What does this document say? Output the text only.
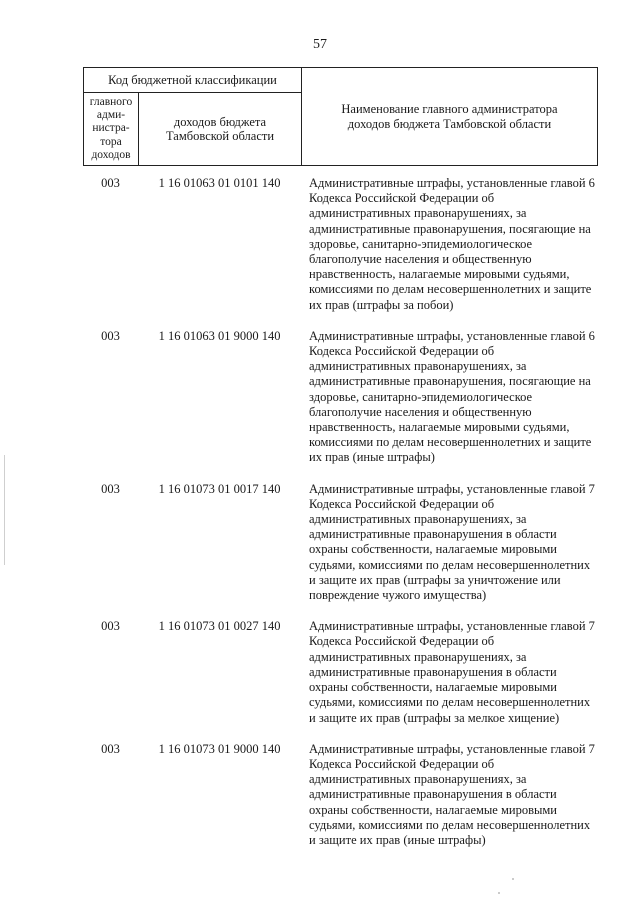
57
Код бюджетной классификации		Наименование главного администратора доходов бюджета Тамбовской области
главного адми-нистра-тора доходов	доходов бюджета Тамбовской области	
003	1 16 01063 01 0101 140	Административные штрафы, установленные главой 6 Кодекса Российской Федерации об административных правонарушениях, за административные правонарушения, посягающие на здоровье, санитарно-эпидемиологическое благополучие населения и общественную нравственность, налагаемые мировыми судьями, комиссиями по делам несовершеннолетних и защите их прав (штрафы за побои)
003	1 16 01063 01 9000 140	Административные штрафы, установленные главой 6 Кодекса Российской Федерации об административных правонарушениях, за административные правонарушения, посягающие на здоровье, санитарно-эпидемиологическое благополучие населения и общественную нравственность, налагаемые мировыми судьями, комиссиями по делам несовершеннолетних и защите их прав (иные штрафы)
003	1 16 01073 01 0017 140	Административные штрафы, установленные главой 7 Кодекса Российской Федерации об административных правонарушениях, за административные правонарушения в области охраны собственности, налагаемые мировыми судьями, комиссиями по делам несовершеннолетних и защите их прав (штрафы за уничтожение или повреждение чужого имущества)
003	1 16 01073 01 0027 140	Административные штрафы, установленные главой 7 Кодекса Российской Федерации об административных правонарушениях, за административные правонарушения в области охраны собственности, налагаемые мировыми судьями, комиссиями по делам несовершеннолетних и защите их прав (штрафы за мелкое хищение)
003	1 16 01073 01 9000 140	Административные штрафы, установленные главой 7 Кодекса Российской Федерации об административных правонарушениях, за административные правонарушения в области охраны собственности, налагаемые мировыми судьями, комиссиями по делам несовершеннолетних и защите их прав (иные штрафы)
